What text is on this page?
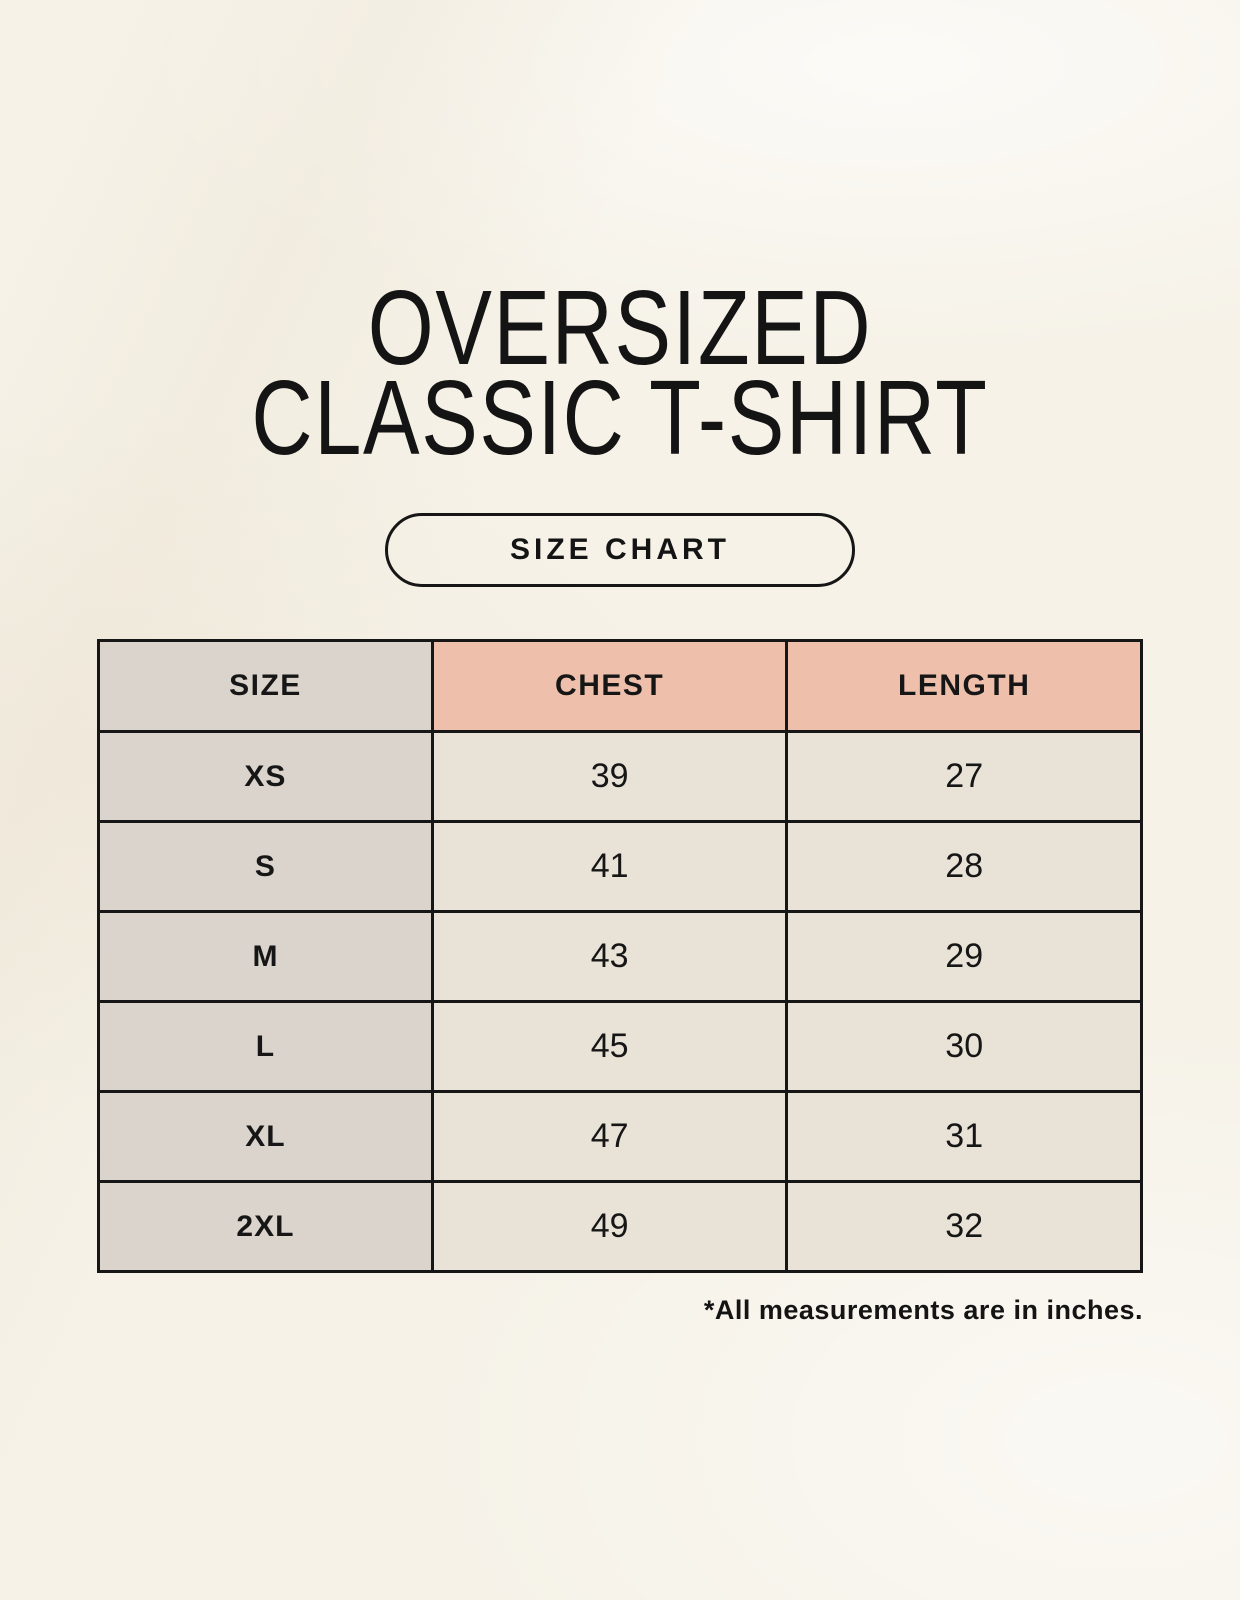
OVERSIZED
CLASSIC T-SHIRT
SIZE CHART
SIZE	CHEST	LENGTH
XS	39	27
S	41	28
M	43	29
L	45	30
XL	47	31
2XL	49	32
*All measurements are in inches.
